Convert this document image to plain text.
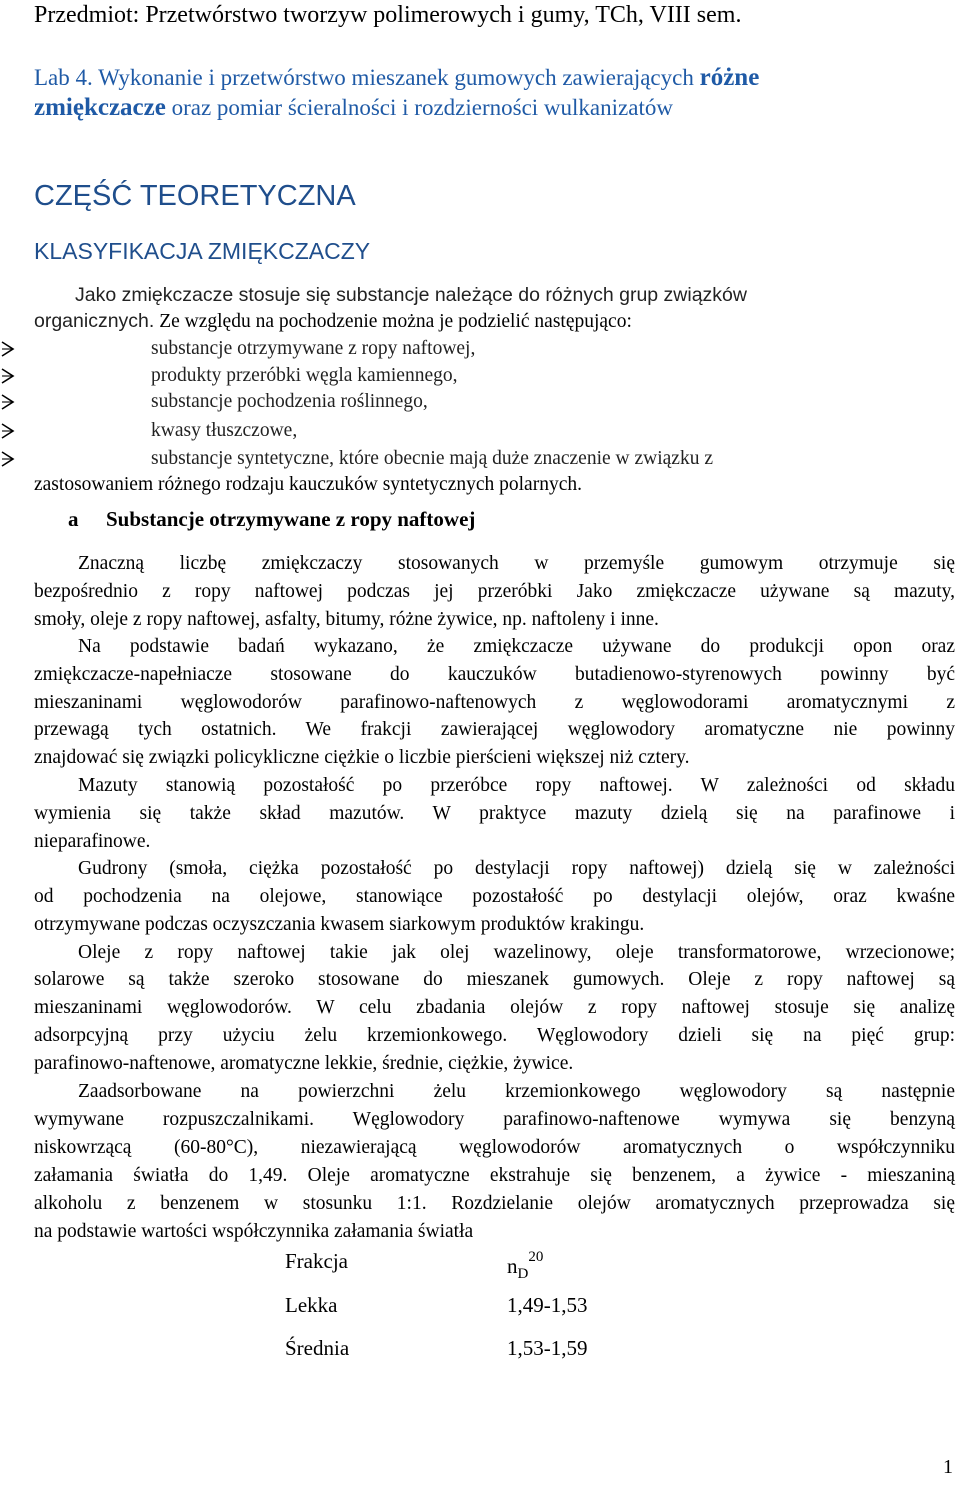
Przedmiot: Przetwórstwo tworzyw polimerowych i gumy, TCh, VIII sem.
Lab 4. Wykonanie i przetwórstwo mieszanek gumowych zawierających różne
zmiękczacze oraz pomiar ścieralności i rozdzierności wulkanizatów
CZĘŚĆ TEORETYCZNA
KLASYFIKACJA ZMIĘKCZACZY
Jako zmiękczacze stosuje się substancje należące do różnych grup związków
organicznych. Ze względu na pochodzenie można je podzielić następująco:
substancje otrzymywane z ropy naftowej,
produkty przeróbki węgla kamiennego,
substancje pochodzenia roślinnego,
kwasy tłuszczowe,
substancje syntetyczne, które obecnie mają duże znaczenie w związku z
zastosowaniem różnego rodzaju kauczuków syntetycznych polarnych.
a Substancje otrzymywane z ropy naftowej
Znaczną liczbę zmiękczaczy stosowanych w przemyśle gumowym otrzymuje się
bezpośrednio z ropy naftowej podczas jej przeróbki Jako zmiękczacze używane są mazuty,
smoły, oleje z ropy naftowej, asfalty, bitumy, różne żywice, np. naftoleny i inne.
Na podstawie badań wykazano, że zmiękczacze używane do produkcji opon oraz
zmiękczacze-napełniacze stosowane do kauczuków butadienowo-styrenowych powinny być
mieszaninami węglowodorów parafinowo-naftenowych z węglowodorami aromatycznymi z
przewagą tych ostatnich. We frakcji zawierającej węglowodory aromatyczne nie powinny
znajdować się związki policykliczne ciężkie o liczbie pierścieni większej niż cztery.
Mazuty stanowią pozostałość po przeróbce ropy naftowej. W zależności od składu
wymienia się także skład mazutów. W praktyce mazuty dzielą się na parafinowe i
nieparafinowe.
Gudrony (smoła, ciężka pozostałość po destylacji ropy naftowej) dzielą się w zależności
od pochodzenia na olejowe, stanowiące pozostałość po destylacji olejów, oraz kwaśne
otrzymywane podczas oczyszczania kwasem siarkowym produktów krakingu.
Oleje z ropy naftowej takie jak olej wazelinowy, oleje transformatorowe, wrzecionowe;
solarowe są także szeroko stosowane do mieszanek gumowych. Oleje z ropy naftowej są
mieszaninami węglowodorów. W celu zbadania olejów z ropy naftowej stosuje się analizę
adsorpcyjną przy użyciu żelu krzemionkowego. Węglowodory dzieli się na pięć grup:
parafinowo-naftenowe, aromatyczne lekkie, średnie, ciężkie, żywice.
Zaadsorbowane na powierzchni żelu krzemionkowego węglowodory są następnie
wymywane rozpuszczalnikami. Węglowodory parafinowo-naftenowe wymywa się benzyną
niskowrzącą (60-80°C), niezawierającą węglowodorów aromatycznych o współczynniku
załamania światła do 1,49. Oleje aromatyczne ekstrahuje się benzenem, a żywice - mieszaniną
alkoholu z benzenem w stosunku 1:1. Rozdzielanie olejów aromatycznych przeprowadza się
na podstawie wartości współczynnika załamania światła
Frakcja	$n_D^{20}$
Lekka	1,49-1,53
Średnia	1,53-1,59
1
